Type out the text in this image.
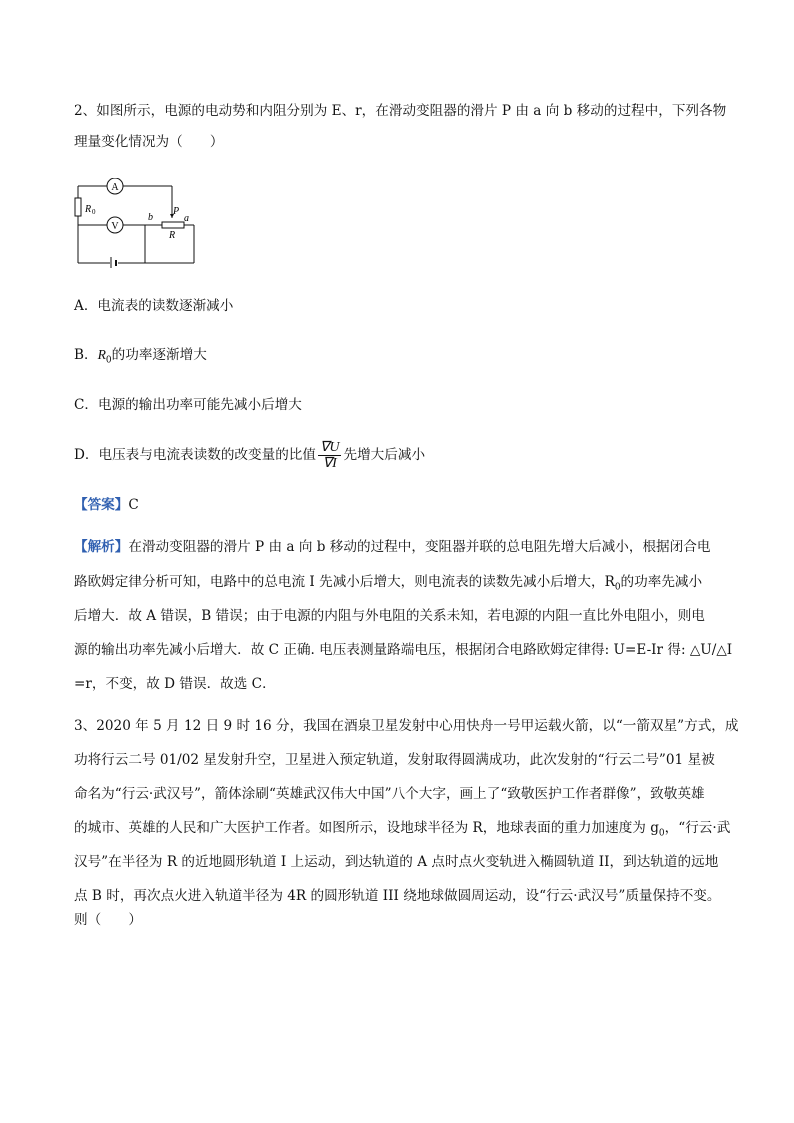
2、如图所示，电源的电动势和内阻分别为 E、r，在滑动变阻器的滑片 P 由 a 向 b 移动的过程中，下列各物
理量变化情况为（　　）
A
V
R 0	b
P
a
R
A．电流表的读数逐渐减小
B．$R_0$的功率逐渐增大
C．电源的输出功率可能先减小后增大
D．电压表与电流表读数的改变量的比值 $\frac{\nabla U}{\nabla I}$ 先增大后减小
【答案】C
【解析】在滑动变阻器的滑片 P 由 a 向 b 移动的过程中，变阻器并联的总电阻先增大后减小，根据闭合电
路欧姆定律分析可知，电路中的总电流 I 先减小后增大，则电流表的读数先减小后增大，$R_0$的功率先减小
后增大．故 A 错误，B 错误；由于电源的内阻与外电阻的关系未知，若电源的内阻一直比外电阻小，则电
源的输出功率先减小后增大．故 C 正确. 电压表测量路端电压，根据闭合电路欧姆定律得: U=E-Ir 得: △U/△I
=r，不变，故 D 错误．故选 C．
3、2020 年 5 月 12 日 9 时 16 分，我国在酒泉卫星发射中心用快舟一号甲运载火箭，以“一箭双星”方式，成
功将行云二号 01/02 星发射升空，卫星进入预定轨道，发射取得圆满成功，此次发射的“行云二号”01 星被
命名为“行云·武汉号”，箭体涂刷“英雄武汉伟大中国”八个大字，画上了“致敬医护工作者群像”，致敬英雄
的城市、英雄的人民和广大医护工作者。如图所示，设地球半径为 R，地球表面的重力加速度为 $g_0$，“行云·武
汉号”在半径为 R 的近地圆形轨道 I 上运动，到达轨道的 A 点时点火变轨进入椭圆轨道 II，到达轨道的远地
点 B 时，再次点火进入轨道半径为 4R 的圆形轨道 III 绕地球做圆周运动，设“行云·武汉号”质量保持不变。
则（　　）
